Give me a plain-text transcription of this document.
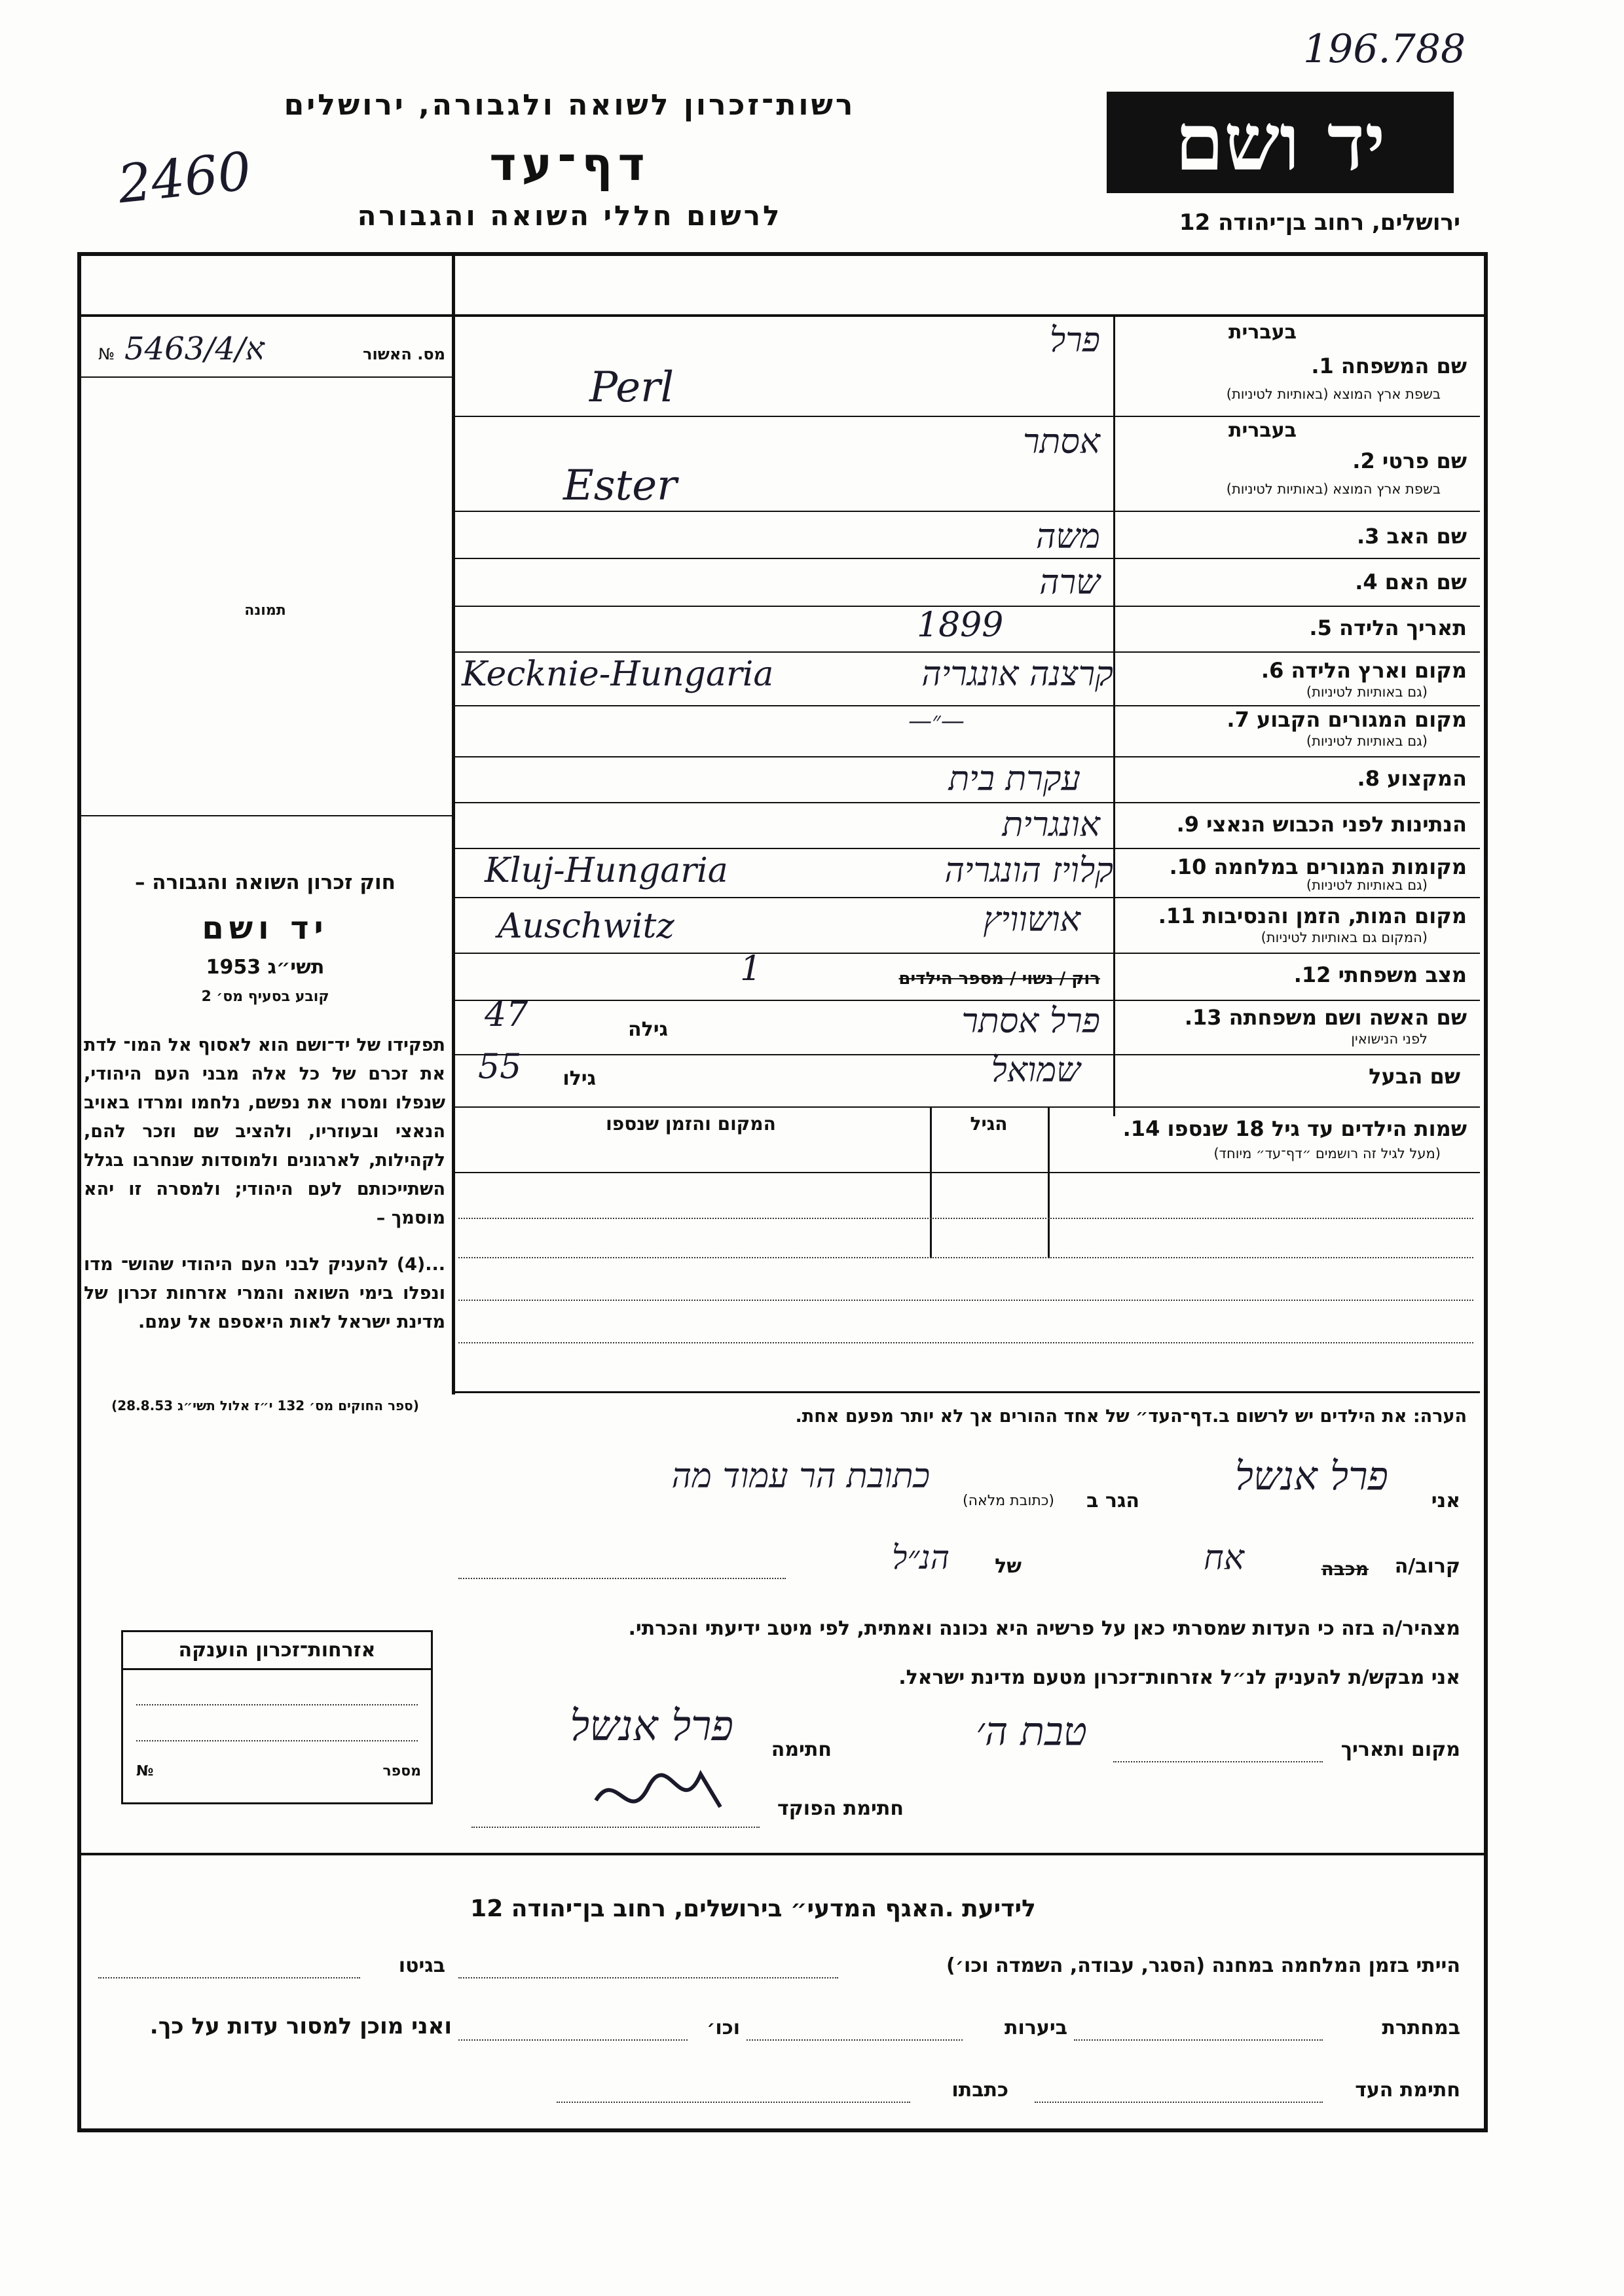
196.788
2460
רשות־זכרון לשואה ולגבורה, ירושלים
דף־עד
לרשום חללי השואה והגבורה
יד ושם
ירושלים, רחוב בן־יהודה 12
№ א/5463/4	מס. האשור
תמונה
חוק זכרון השואה והגבורה –
יד ושם
תשי״ג 1953
קובע בסעיף מס׳ 2
תפקידו של יד־ושם הוא לאסוף אל המו־ לדת את זכרם של כל אלה מבני העם היהודי, שנפלו ומסרו את נפשם, נלחמו ומרדו באויב הנאצי ובעוזריו, ולהציב שם וזכר להם, לקהילות, לארגונים ולמוסדות שנחרבו בגלל השתייכותם לעם היהודי; ולמסרה זו יהא מוסמך –
...(4) להעניק לבני העם היהודי שהוש־ מדו ונפלו בימי השואה והמרי אזרחות זכרון של מדינת ישראל לאות היאספם אל עמם.
(ספר החוקים מס׳ 132 י״ז אלול תשי״ג 28.8.53)
בעברית
שם המשפחה 1.
בשפת ארץ המוצא (באותיות לטיניות)
פרל
Perl
בעברית
שם פרטי 2.
בשפת ארץ המוצא (באותיות לטיניות)
אסתר
Ester
שם האב 3.
משה
שם האם 4.
שרה
תאריך הלידה 5.
1899
מקום וארץ הלידה 6.
(גם באותיות לטיניות)
קרצנה אונגריה
Kecknie-Hungaria
מקום המגורים הקבוע 7.
(גם באותיות לטיניות)
—״—
המקצוע 8.
עקרת בית
הנתינות לפני הכבוש הנאצי 9.
אונגרית
מקומות המגורים במלחמה 10.
(גם באותיות לטיניות)
קלויז הונגריה
Kluj-Hungaria
מקום המות, הזמן והנסיבות 11.
(המקום גם באותיות לטיניות)
אושוויץ
Auschwitz
מצב משפחתי 12.
רוק / נשוי / מספר הילדים
1
שם האשה ושם משפחתה 13.
לפני הנישואין
פרל אסתר
גילה
47
שם הבעל
שמואל
גילו
55
שמות הילדים עד גיל 18 שנספו 14.
(מעל לגיל זה רושמים ״דף־עד״ מיוחד)
הגיל
המקום והזמן שנספו
הערה: את הילדים יש לרשום ב.דף־העד״ של אחד ההורים אך לא יותר מפעם אחת.
אני
פרל אנשל
הגר ב
(כתובת מלאה)
כתובת הר עמוד מה
קרוב/ה
מכבה
אח
של
הנ״ל
מצהיר/ה בזה כי העדות שמסרתי כאן על פרשיה היא נכונה ואמתית, לפי מיטב ידיעתי והכרתי.
אני מבקש/ת להעניק לנ״ל אזרחות־זכרון מטעם מדינת ישראל.
מקום ותאריך
טבת ה׳
חתימה
פרל אנשל
חתימת הפוקד
אזרחות־זכרון הוענקה
מספר
№
לידיעת .האגף המדעי״ בירושלים, רחוב בן־יהודה 12
הייתי בזמן המלחמה במחנה (הסגר, עבודה, השמדה וכו׳)
בגיטו
במחתרת
ביערות
וכו׳
ואני מוכן למסור עדות על כך.
חתימת העד
כתבתו
